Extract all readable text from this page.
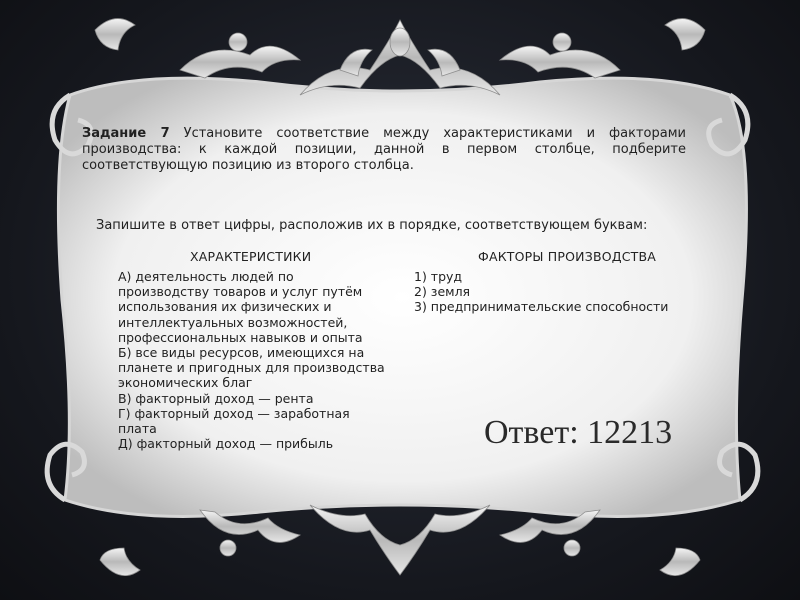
Задание 7 Установите соответствие между характеристиками и факторами производства: к каждой позиции, данной в первом столбце, подберите соответствующую позицию из второго столбца.
Запишите в ответ цифры, расположив их в порядке, соответствующем буквам:
ХАРАКТЕРИСТИКИ	ФАКТОРЫ ПРОИЗВОДСТВА

А) деятельность людей по производству товаров и услуг путём использования их физических и интеллектуальных возможностей, профессиональных навыков и опыта

Б) все виды ресурсов, имеющихся на планете и пригодных для производства экономических благ

В) факторный доход — рента

Г) факторный доход — заработная плата

Д) факторный доход — прибыль

1) труд

2) земля

3) предпринимательские способности

Ответ: 12213
